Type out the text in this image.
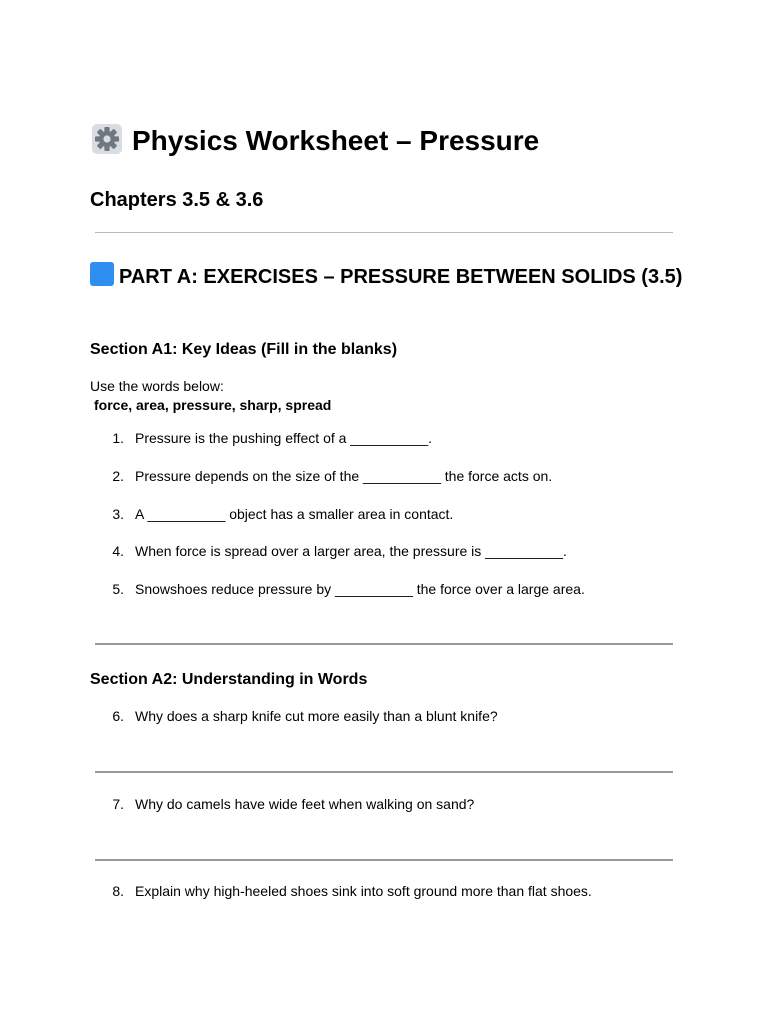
Physics Worksheet – Pressure
Chapters 3.5 & 3.6
PART A: EXERCISES – PRESSURE BETWEEN SOLIDS (3.5)
Section A1: Key Ideas (Fill in the blanks)
Use the words below:
force, area, pressure, sharp, spread
1. Pressure is the pushing effect of a __________.
2. Pressure depends on the size of the __________ the force acts on.
3. A __________ object has a smaller area in contact.
4. When force is spread over a larger area, the pressure is __________.
5. Snowshoes reduce pressure by __________ the force over a large area.
Section A2: Understanding in Words
6. Why does a sharp knife cut more easily than a blunt knife?
7. Why do camels have wide feet when walking on sand?
8. Explain why high-heeled shoes sink into soft ground more than flat shoes.
